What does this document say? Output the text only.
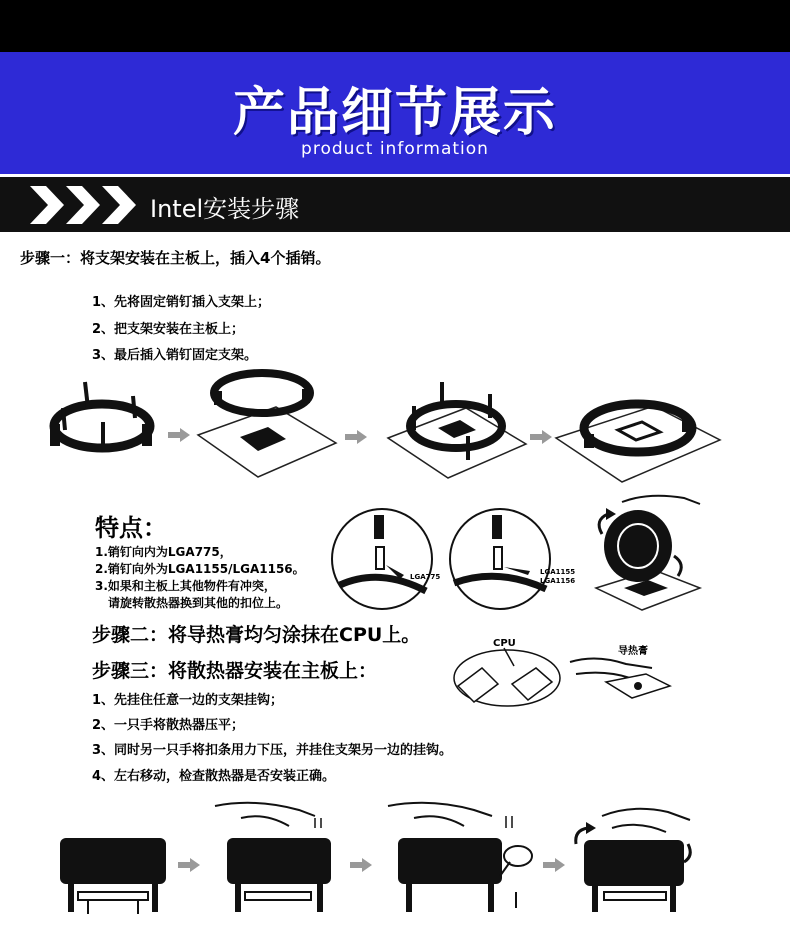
产品细节展示
product information
Intel安装步骤
步骤一：将支架安装在主板上，插入4个插销。
1、先将固定销钉插入支架上；
2、把支架安装在主板上；
3、最后插入销钉固定支架。
特点：
1.销钉向内为LGA775，
2.销钉向外为LGA1155/LGA1156。
3.如果和主板上其他物件有冲突，
请旋转散热器换到其他的扣位上。
LGA775
LGA1155
LGA1156
步骤二：将导热膏均匀涂抹在CPU上。
步骤三：将散热器安装在主板上：
1、先挂住任意一边的支架挂钩；
2、一只手将散热器压平；
3、同时另一只手将扣条用力下压，并挂住支架另一边的挂钩。
4、左右移动，检查散热器是否安装正确。
CPU
导热膏
